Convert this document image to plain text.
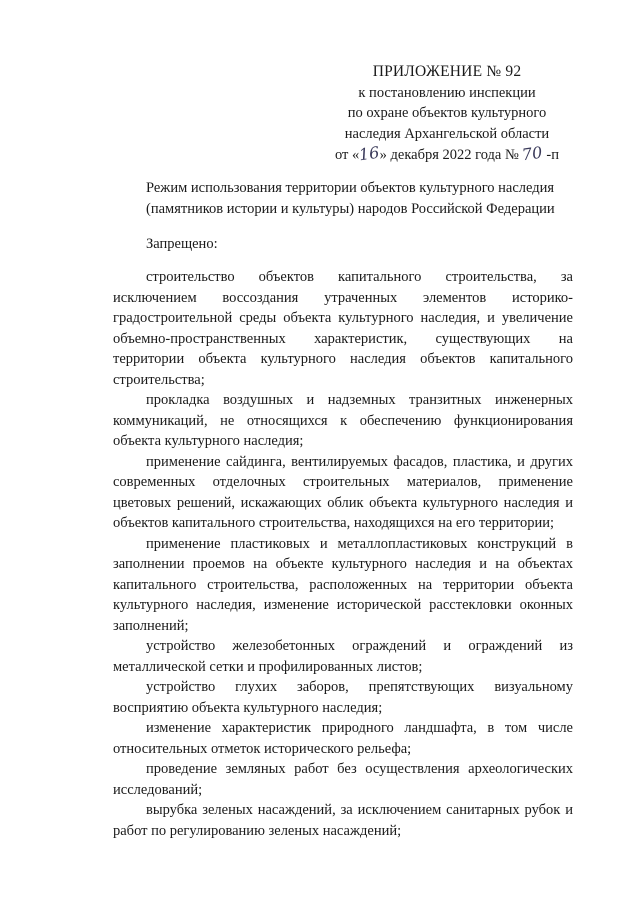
ПРИЛОЖЕНИЕ № 92
к постановлению инспекции
по охране объектов культурного
наследия Архангельской области
от «16» декабря 2022 года № 70 -п
Режим использования территории объектов культурного наследия
(памятников истории и культуры) народов Российской Федерации
Запрещено:

строительство объектов капитального строительства, за исключением воссоздания утраченных элементов историко-градостроительной среды объекта культурного наследия, и увеличение объемно-пространственных характеристик, существующих на территории объекта культурного наследия объектов капитального строительства;

прокладка воздушных и надземных транзитных инженерных коммуникаций, не относящихся к обеспечению функционирования объекта культурного наследия;

применение сайдинга, вентилируемых фасадов, пластика, и других современных отделочных строительных материалов, применение цветовых решений, искажающих облик объекта культурного наследия и объектов капитального строительства, находящихся на его территории;

применение пластиковых и металлопластиковых конструкций в заполнении проемов на объекте культурного наследия и на объектах капитального строительства, расположенных на территории объекта культурного наследия, изменение исторической расстекловки оконных заполнений;

устройство железобетонных ограждений и ограждений из металлической сетки и профилированных листов;

устройство глухих заборов, препятствующих визуальному восприятию объекта культурного наследия;

изменение характеристик природного ландшафта, в том числе относительных отметок исторического рельефа;

проведение земляных работ без осуществления археологических исследований;

вырубка зеленых насаждений, за исключением санитарных рубок и работ по регулированию зеленых насаждений;
